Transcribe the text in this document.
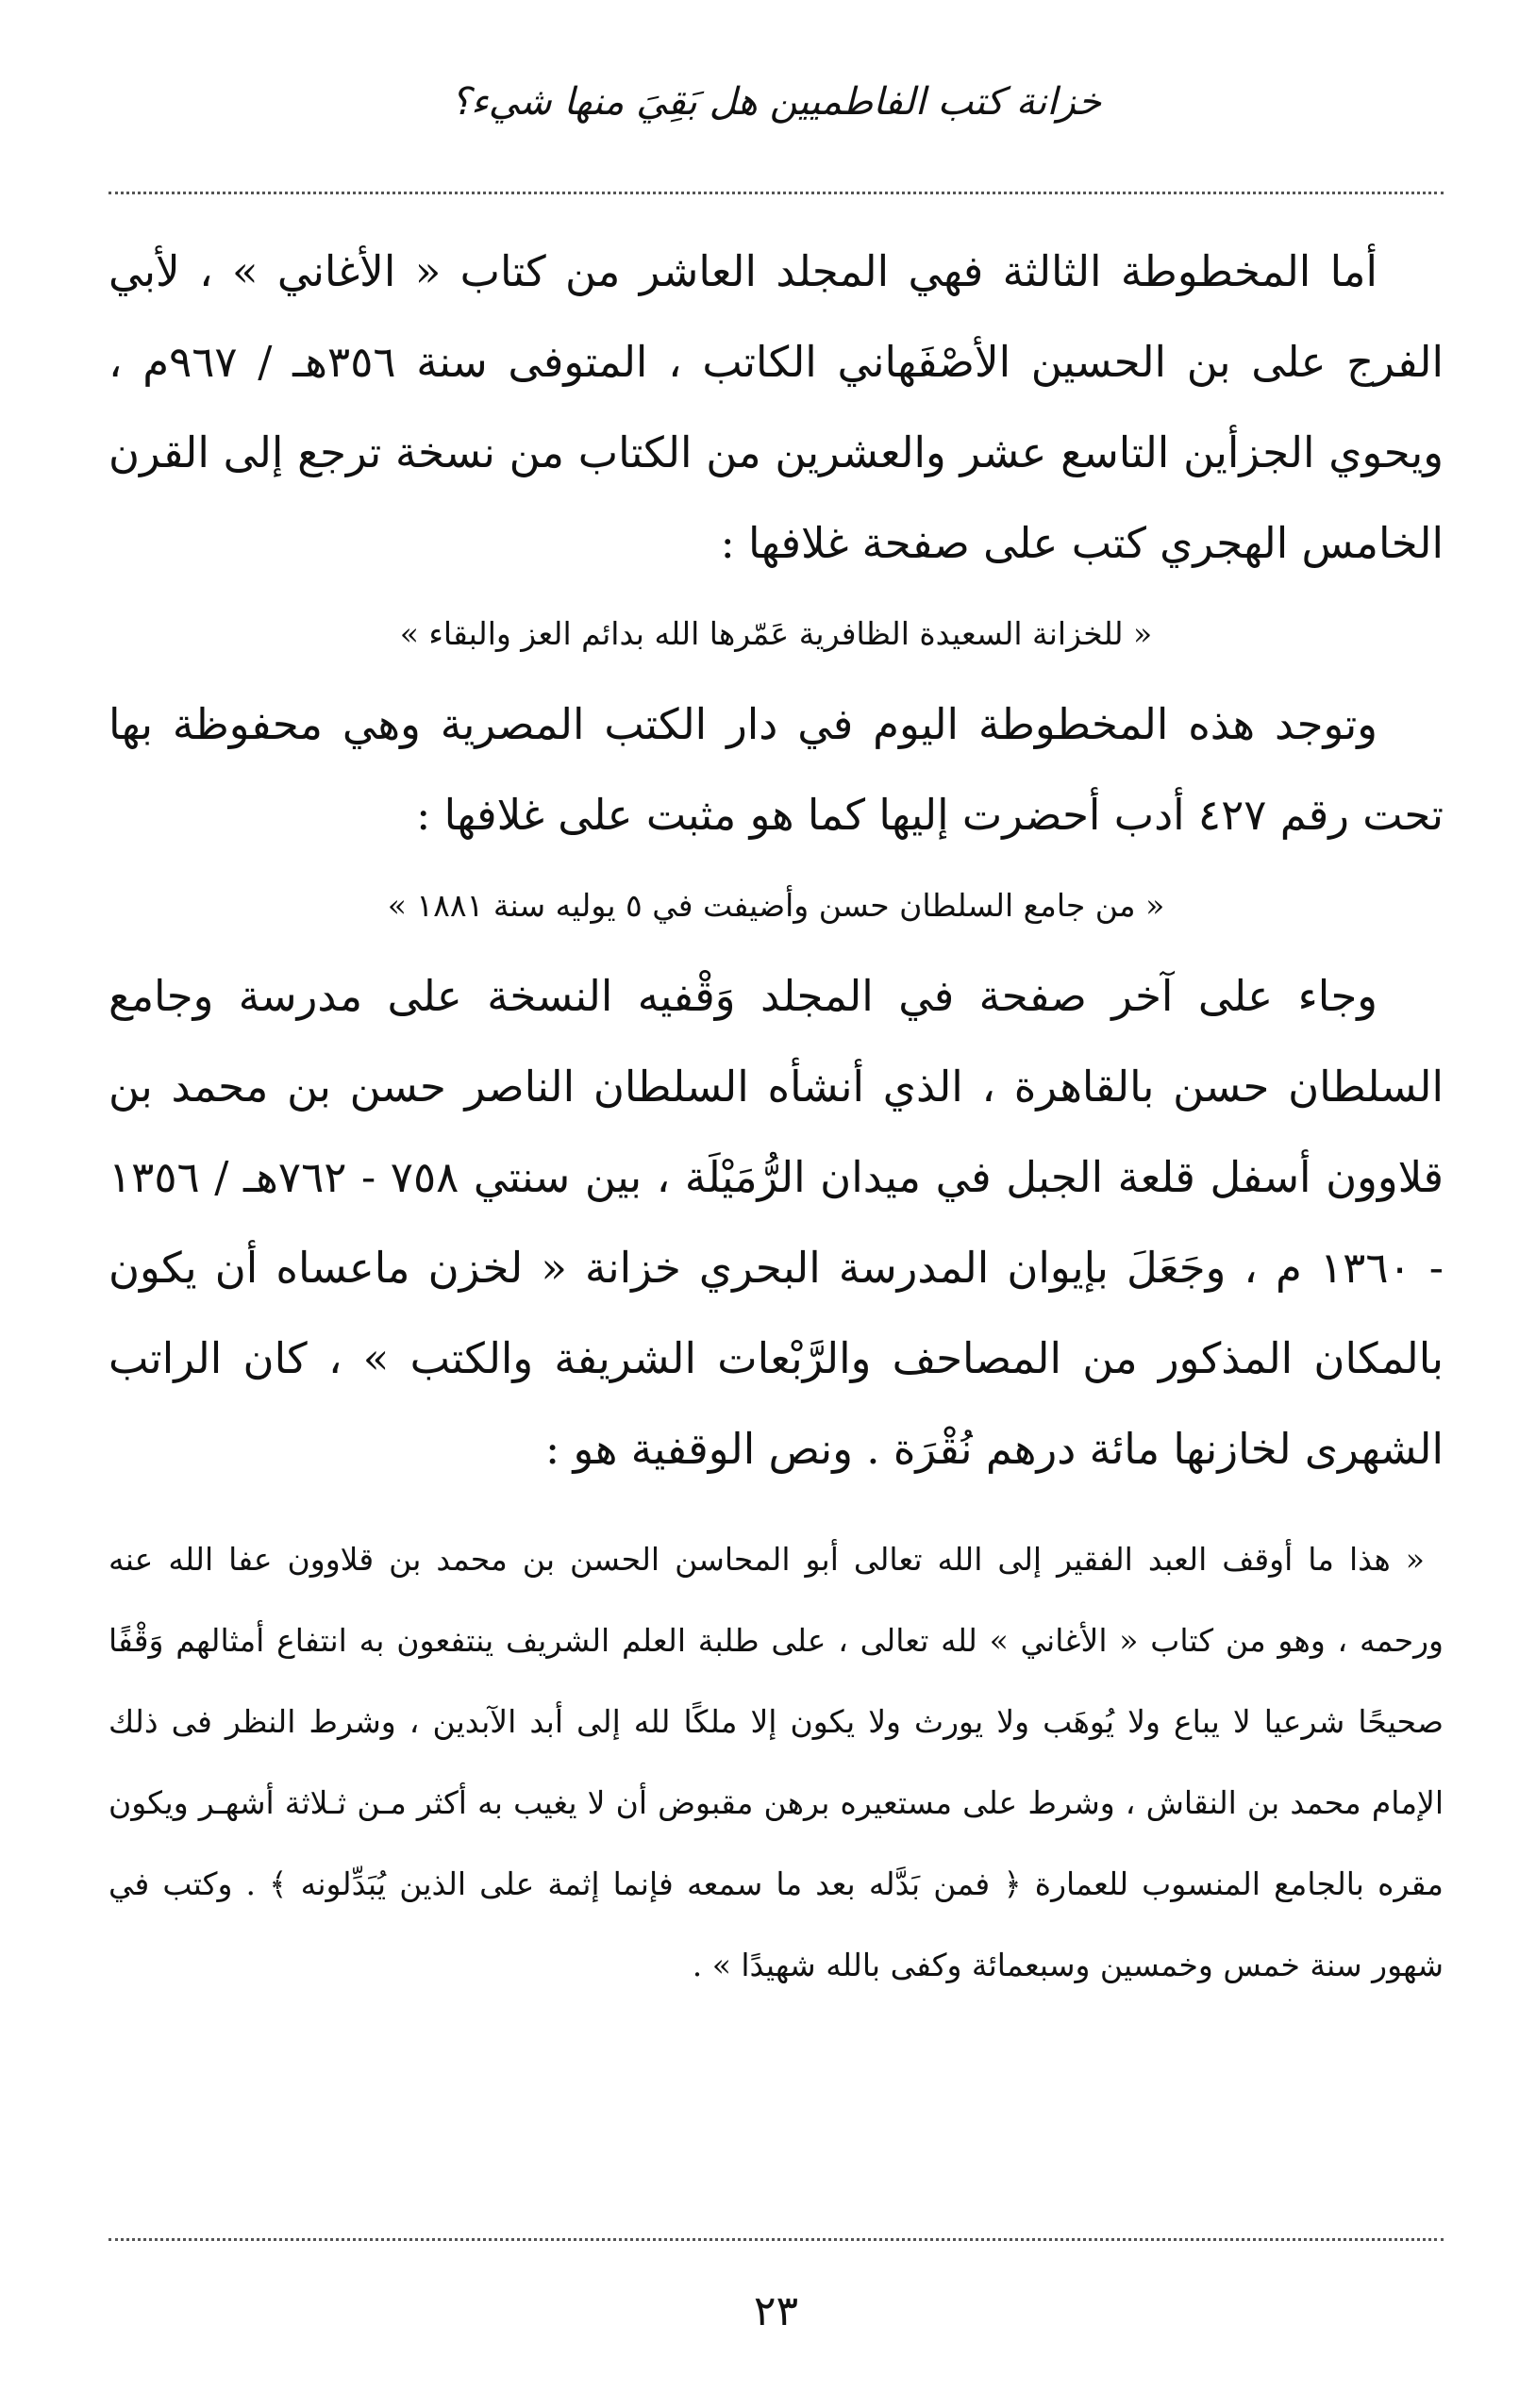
خزانة كتب الفاطميين هل بَقِيَ منها شيء؟

أما المخطوطة الثالثة فهي المجلد العاشر من كتاب « الأغاني » ، لأبي الفرج على بن الحسين الأصْفَهاني الكاتب ، المتوفى سنة ٣٥٦هـ / ٩٦٧م ، ويحوي الجزأين التاسع عشر والعشرين من الكتاب من نسخة ترجع إلى القرن الخامس الهجري كتب على صفحة غلافها :

« للخزانة السعيدة الظافرية عَمّرها الله بدائم العز والبقاء »

وتوجد هذه المخطوطة اليوم في دار الكتب المصرية وهي محفوظة بها تحت رقم ٤٢٧ أدب أحضرت إليها كما هو مثبت على غلافها :

« من جامع السلطان حسن وأضيفت في ٥ يوليه سنة ١٨٨١ »

وجاء على آخر صفحة في المجلد وَقْفيه النسخة على مدرسة وجامع السلطان حسن بالقاهرة ، الذي أنشأه السلطان الناصر حسن بن محمد بن قلاوون أسفل قلعة الجبل في ميدان الرُّمَيْلَة ، بين سنتي ٧٥٨ - ٧٦٢هـ / ١٣٥٦ - ١٣٦٠ م ، وجَعَلَ بإيوان المدرسة البحري خزانة « لخزن ماعساه أن يكون بالمكان المذكور من المصاحف والرَّبْعات الشريفة والكتب » ، كان الراتب الشهرى لخازنها مائة درهم نُقْرَة . ونص الوقفية هو :

« هذا ما أوقف العبد الفقير إلى الله تعالى أبو المحاسن الحسن بن محمد بن قلاوون عفا الله عنه ورحمه ، وهو من كتاب « الأغاني » لله تعالى ، على طلبة العلم الشريف ينتفعون به انتفاع أمثالهم وَقْفًا صحيحًا شرعيا لا يباع ولا يُوهَب ولا يورث ولا يكون إلا ملكًا لله إلى أبد الآبدين ، وشرط النظر فى ذلك الإمام محمد بن النقاش ، وشرط على مستعيره برهن مقبوض أن لا يغيب به أكثر مـن ثـلاثة أشهـر ويكون مقره بالجامع المنسوب للعمارة ﴿ فمن بَدَّله بعد ما سمعه فإنما إثمة على الذين يُبَدِّلونه ﴾ . وكتب في شهور سنة خمس وخمسين وسبعمائة وكفى بالله شهيدًا » .

٢٣
